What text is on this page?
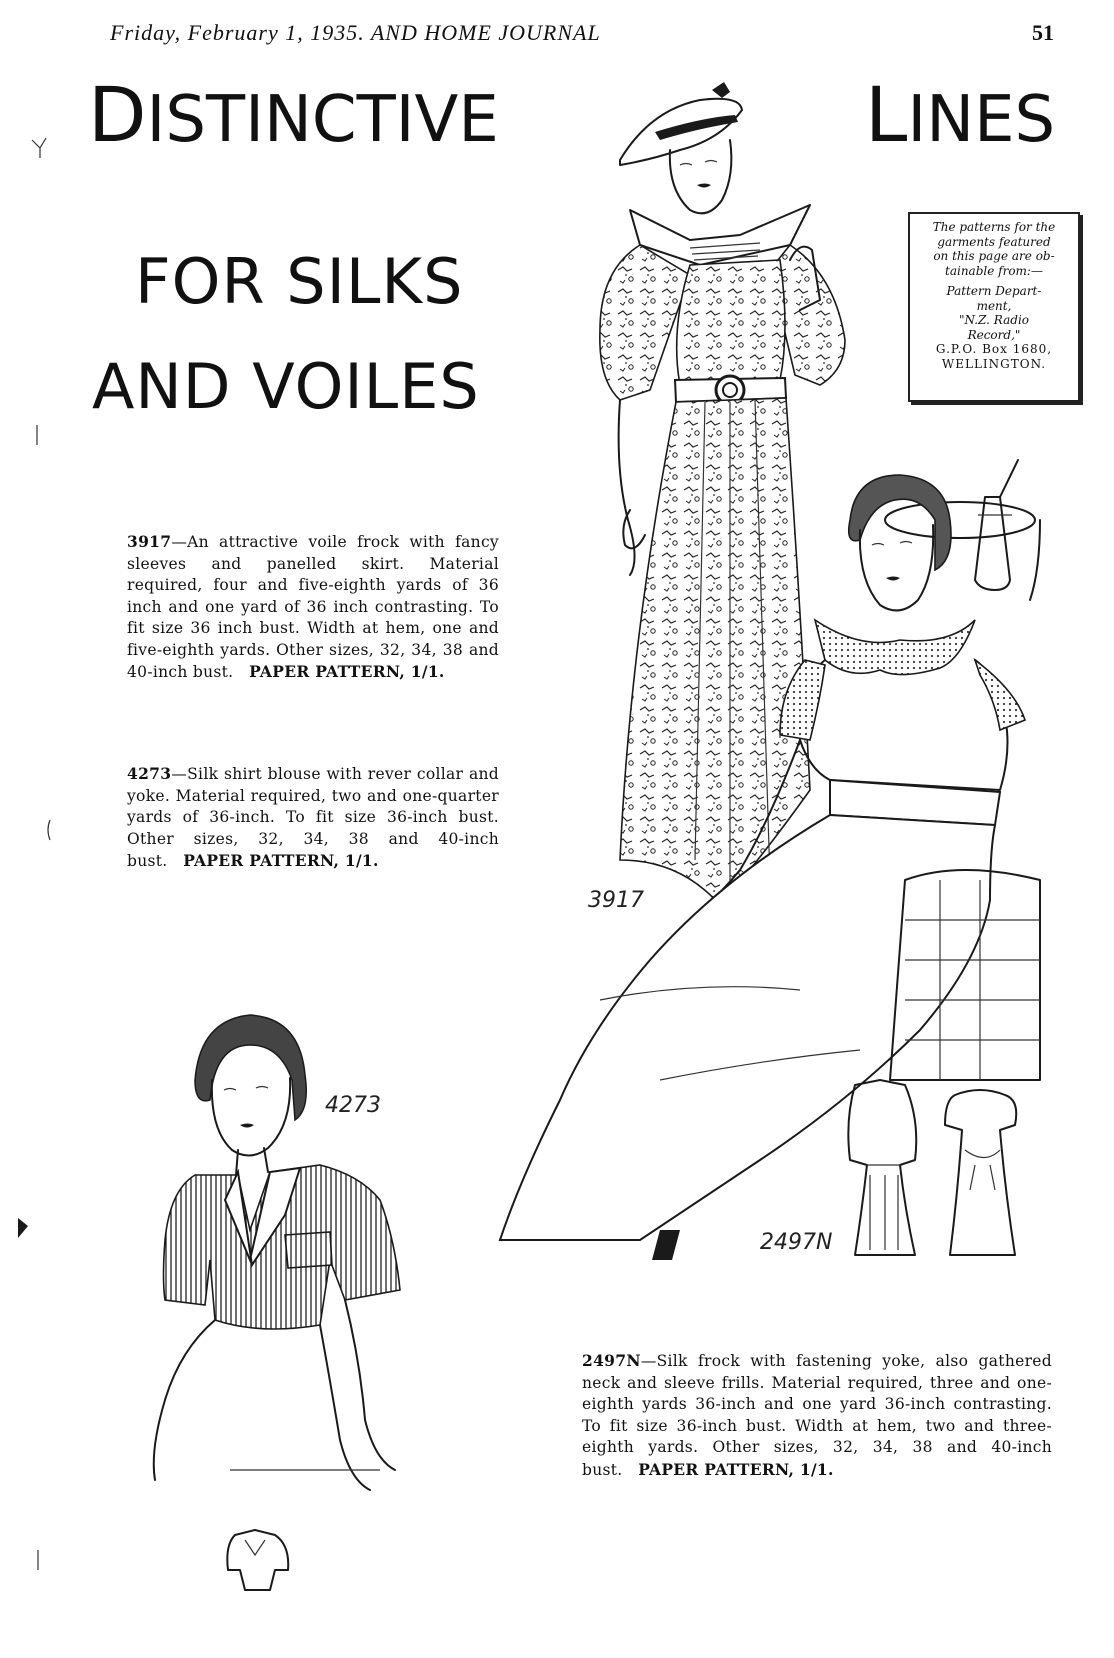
Friday, February 1, 1935. AND HOME JOURNAL	51
DISTINCTIVE	LINES
FOR SILKS
AND VOILES
The patterns for the
garments featured
on this page are ob-
tainable from:—
Pattern Depart-
ment,
"N.Z. Radio
Record,"
G.P.O. Box 1680,
WELLINGTON.
3917—An attractive voile frock with fancy sleeves and panelled skirt. Material required, four and five-eighth yards of 36 inch and one yard of 36 inch contrasting. To fit size 36 inch bust. Width at hem, one and five-eighth yards. Other sizes, 32, 34, 38 and 40-inch bust. PAPER PATTERN, 1/1.
4273—Silk shirt blouse with rever collar and yoke. Material required, two and one-quarter yards of 36-inch. To fit size 36-inch bust. Other sizes, 32, 34, 38 and 40-inch bust. PAPER PATTERN, 1/1.
2497N—Silk frock with fastening yoke, also gathered neck and sleeve frills. Material required, three and one-eighth yards 36-inch and one yard 36-inch contrasting. To fit size 36-inch bust. Width at hem, two and three-eighth yards. Other sizes, 32, 34, 38 and 40-inch bust. PAPER PATTERN, 1/1.
3917
4273
2497N
